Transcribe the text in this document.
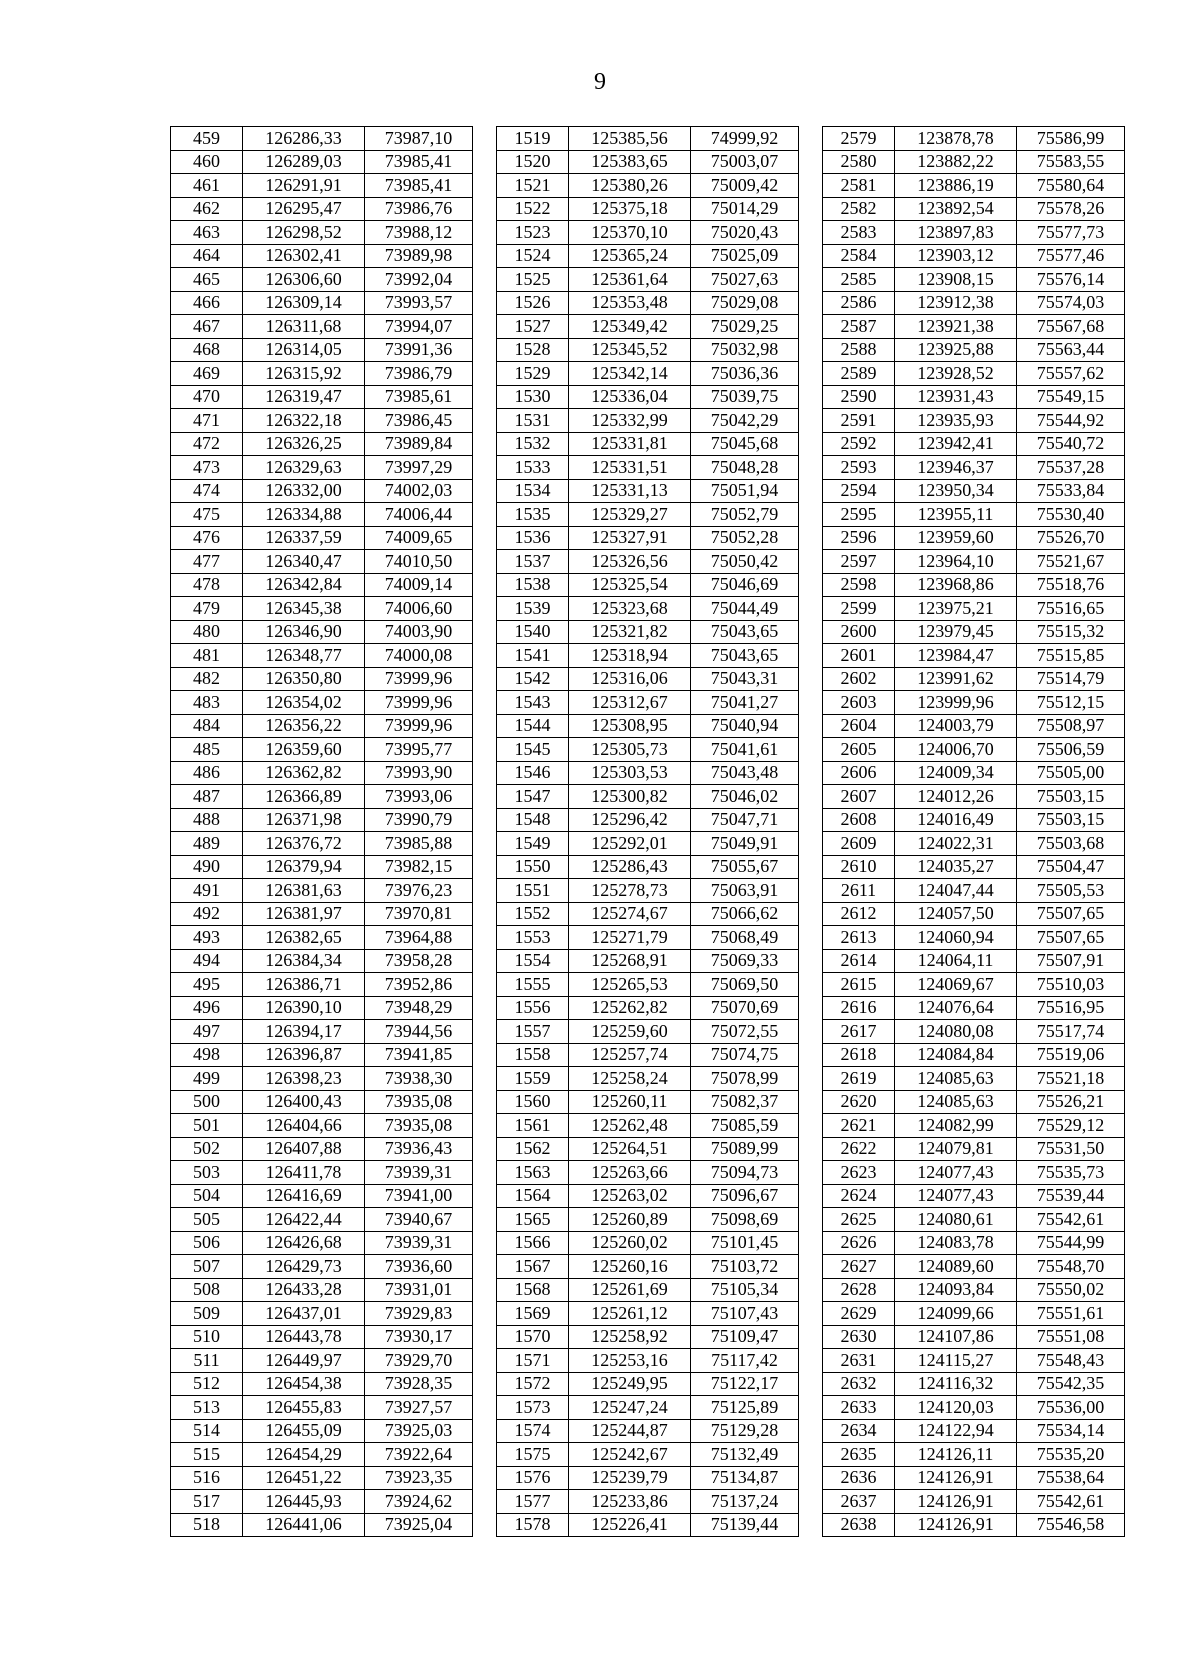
9
459	126286,33	73987,10		1519	125385,56	74999,92		2579	123878,78	75586,99
460	126289,03	73985,41		1520	125383,65	75003,07		2580	123882,22	75583,55
461	126291,91	73985,41		1521	125380,26	75009,42		2581	123886,19	75580,64
462	126295,47	73986,76		1522	125375,18	75014,29		2582	123892,54	75578,26
463	126298,52	73988,12		1523	125370,10	75020,43		2583	123897,83	75577,73
464	126302,41	73989,98		1524	125365,24	75025,09		2584	123903,12	75577,46
465	126306,60	73992,04		1525	125361,64	75027,63		2585	123908,15	75576,14
466	126309,14	73993,57		1526	125353,48	75029,08		2586	123912,38	75574,03
467	126311,68	73994,07		1527	125349,42	75029,25		2587	123921,38	75567,68
468	126314,05	73991,36		1528	125345,52	75032,98		2588	123925,88	75563,44
469	126315,92	73986,79		1529	125342,14	75036,36		2589	123928,52	75557,62
470	126319,47	73985,61		1530	125336,04	75039,75		2590	123931,43	75549,15
471	126322,18	73986,45		1531	125332,99	75042,29		2591	123935,93	75544,92
472	126326,25	73989,84		1532	125331,81	75045,68		2592	123942,41	75540,72
473	126329,63	73997,29		1533	125331,51	75048,28		2593	123946,37	75537,28
474	126332,00	74002,03		1534	125331,13	75051,94		2594	123950,34	75533,84
475	126334,88	74006,44		1535	125329,27	75052,79		2595	123955,11	75530,40
476	126337,59	74009,65		1536	125327,91	75052,28		2596	123959,60	75526,70
477	126340,47	74010,50		1537	125326,56	75050,42		2597	123964,10	75521,67
478	126342,84	74009,14		1538	125325,54	75046,69		2598	123968,86	75518,76
479	126345,38	74006,60		1539	125323,68	75044,49		2599	123975,21	75516,65
480	126346,90	74003,90		1540	125321,82	75043,65		2600	123979,45	75515,32
481	126348,77	74000,08		1541	125318,94	75043,65		2601	123984,47	75515,85
482	126350,80	73999,96		1542	125316,06	75043,31		2602	123991,62	75514,79
483	126354,02	73999,96		1543	125312,67	75041,27		2603	123999,96	75512,15
484	126356,22	73999,96		1544	125308,95	75040,94		2604	124003,79	75508,97
485	126359,60	73995,77		1545	125305,73	75041,61		2605	124006,70	75506,59
486	126362,82	73993,90		1546	125303,53	75043,48		2606	124009,34	75505,00
487	126366,89	73993,06		1547	125300,82	75046,02		2607	124012,26	75503,15
488	126371,98	73990,79		1548	125296,42	75047,71		2608	124016,49	75503,15
489	126376,72	73985,88		1549	125292,01	75049,91		2609	124022,31	75503,68
490	126379,94	73982,15		1550	125286,43	75055,67		2610	124035,27	75504,47
491	126381,63	73976,23		1551	125278,73	75063,91		2611	124047,44	75505,53
492	126381,97	73970,81		1552	125274,67	75066,62		2612	124057,50	75507,65
493	126382,65	73964,88		1553	125271,79	75068,49		2613	124060,94	75507,65
494	126384,34	73958,28		1554	125268,91	75069,33		2614	124064,11	75507,91
495	126386,71	73952,86		1555	125265,53	75069,50		2615	124069,67	75510,03
496	126390,10	73948,29		1556	125262,82	75070,69		2616	124076,64	75516,95
497	126394,17	73944,56		1557	125259,60	75072,55		2617	124080,08	75517,74
498	126396,87	73941,85		1558	125257,74	75074,75		2618	124084,84	75519,06
499	126398,23	73938,30		1559	125258,24	75078,99		2619	124085,63	75521,18
500	126400,43	73935,08		1560	125260,11	75082,37		2620	124085,63	75526,21
501	126404,66	73935,08		1561	125262,48	75085,59		2621	124082,99	75529,12
502	126407,88	73936,43		1562	125264,51	75089,99		2622	124079,81	75531,50
503	126411,78	73939,31		1563	125263,66	75094,73		2623	124077,43	75535,73
504	126416,69	73941,00		1564	125263,02	75096,67		2624	124077,43	75539,44
505	126422,44	73940,67		1565	125260,89	75098,69		2625	124080,61	75542,61
506	126426,68	73939,31		1566	125260,02	75101,45		2626	124083,78	75544,99
507	126429,73	73936,60		1567	125260,16	75103,72		2627	124089,60	75548,70
508	126433,28	73931,01		1568	125261,69	75105,34		2628	124093,84	75550,02
509	126437,01	73929,83		1569	125261,12	75107,43		2629	124099,66	75551,61
510	126443,78	73930,17		1570	125258,92	75109,47		2630	124107,86	75551,08
511	126449,97	73929,70		1571	125253,16	75117,42		2631	124115,27	75548,43
512	126454,38	73928,35		1572	125249,95	75122,17		2632	124116,32	75542,35
513	126455,83	73927,57		1573	125247,24	75125,89		2633	124120,03	75536,00
514	126455,09	73925,03		1574	125244,87	75129,28		2634	124122,94	75534,14
515	126454,29	73922,64		1575	125242,67	75132,49		2635	124126,11	75535,20
516	126451,22	73923,35		1576	125239,79	75134,87		2636	124126,91	75538,64
517	126445,93	73924,62		1577	125233,86	75137,24		2637	124126,91	75542,61
518	126441,06	73925,04		1578	125226,41	75139,44		2638	124126,91	75546,58
